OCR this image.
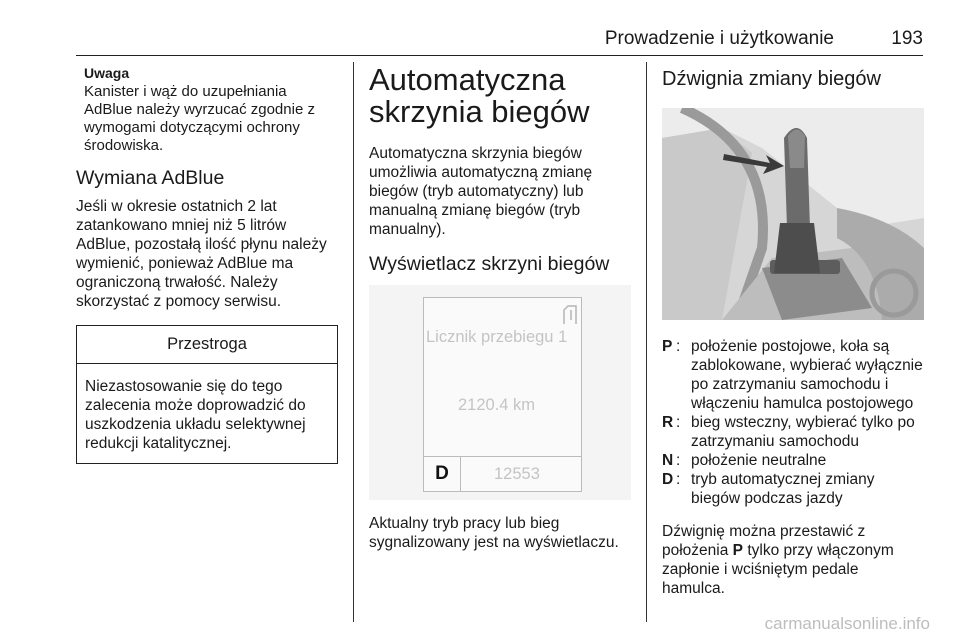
Prowadzenie i użytkowanie	193
Uwaga
Kanister i wąż do uzupełniania AdBlue należy wyrzucać zgodnie z wymogami dotyczącymi ochrony środowiska.
Wymiana AdBlue

Jeśli w okresie ostatnich 2 lat zatankowano mniej niż 5 litrów AdBlue, pozostałą ilość płynu należy wymienić, ponieważ AdBlue ma ograniczoną trwałość. Należy skorzystać z pomocy serwisu.

Przestroga
Niezastosowanie się do tego zalecenia może doprowadzić do uszkodzenia układu selektywnej redukcji katalitycznej.
Automatyczna skrzynia biegów

Automatyczna skrzynia biegów umożliwia automatyczną zmianę biegów (tryb automatyczny) lub manualną zmianę biegów (tryb manualny).

Wyświetlacz skrzyni biegów
Licznik przebiegu 1
2120.4 km
D	12553

Aktualny tryb pracy lub bieg sygnalizowany jest na wyświetlaczu.

Dźwignia zmiany biegów
P : położenie postojowe, koła są zablokowane, wybierać wyłącznie po zatrzymaniu samochodu i włączeniu hamulca postojowego
R : bieg wsteczny, wybierać tylko po zatrzymaniu samochodu
N : położenie neutralne
D : tryb automatycznej zmiany biegów podczas jazdy

Dźwignię można przestawić z położenia P tylko przy włączonym zapłonie i wciśniętym pedale hamulca.

carmanualsonline.info
